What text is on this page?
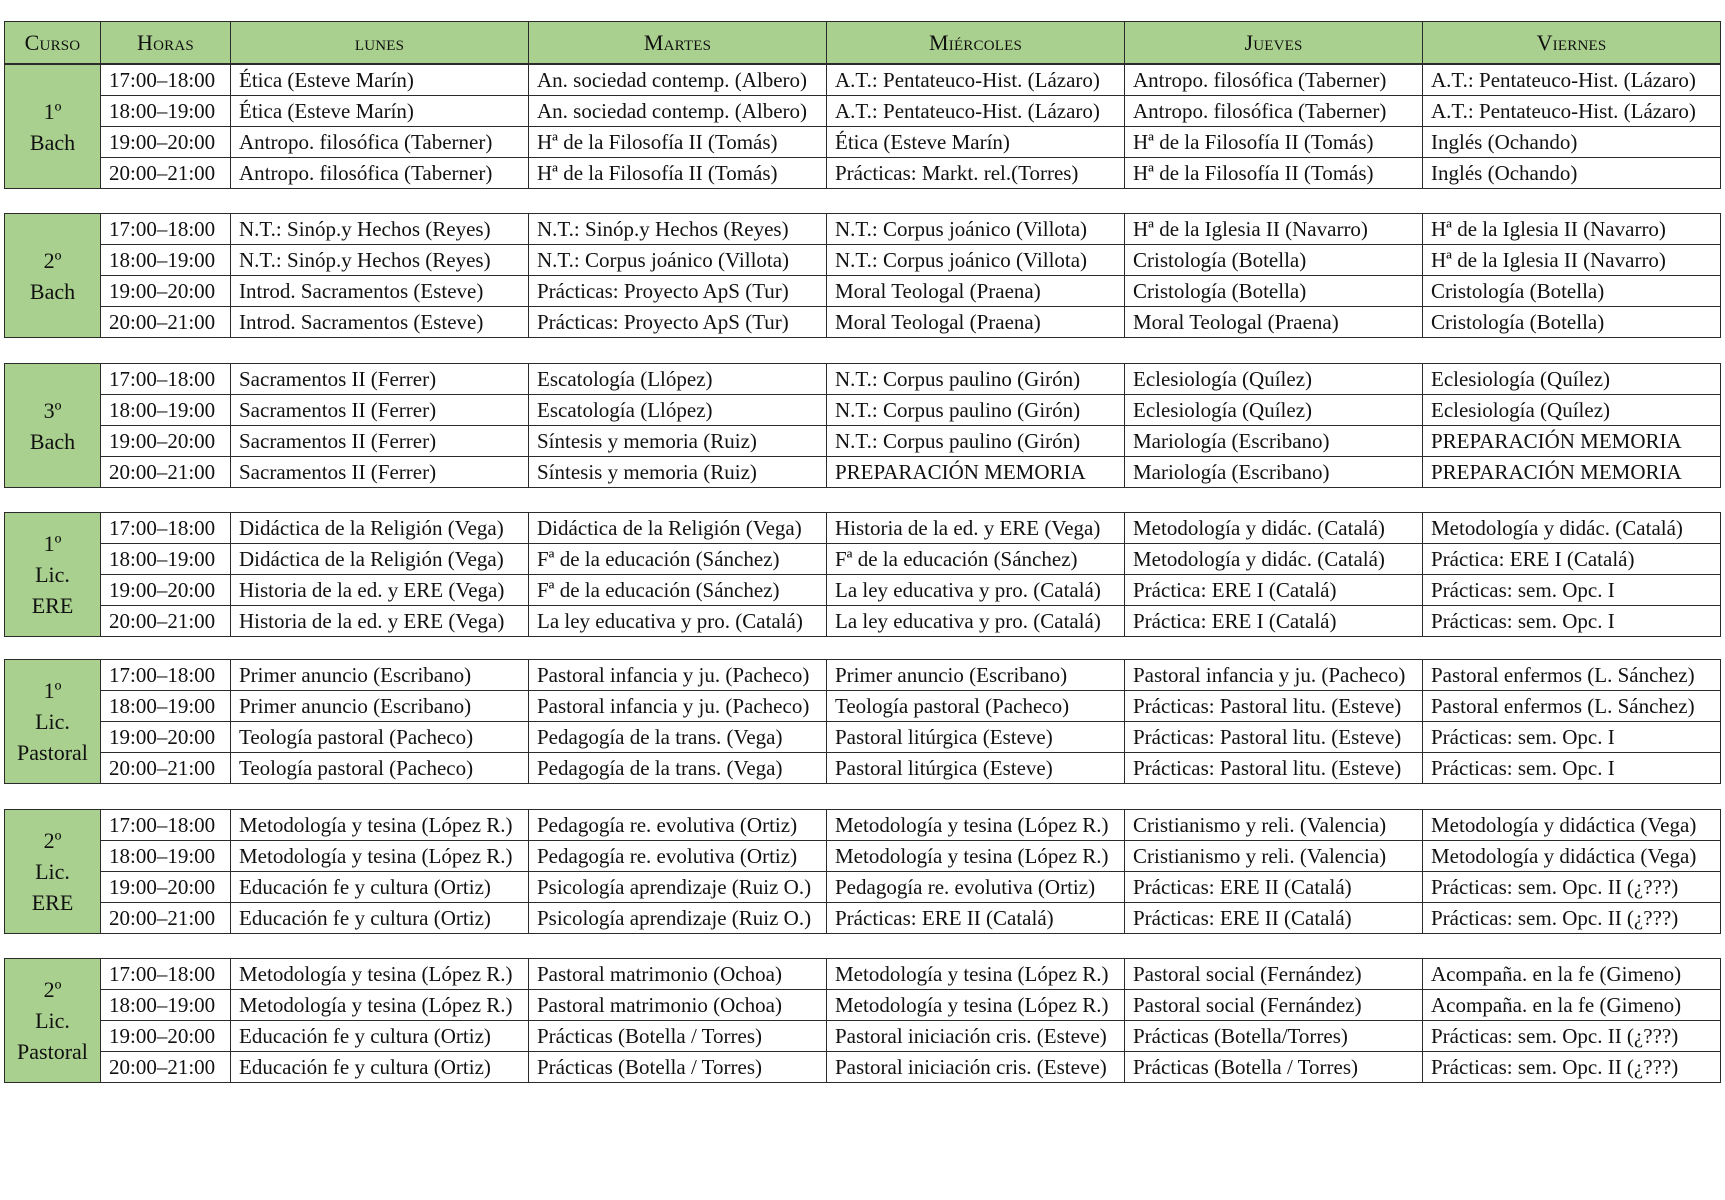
Curso	Horas	lunes	Martes	Miércoles	Jueves	Viernes
1º
Bach	17:00–18:00	Ética (Esteve Marín)	An. sociedad contemp. (Albero)	A.T.: Pentateuco-Hist. (Lázaro)	Antropo. filosófica (Taberner)	A.T.: Pentateuco-Hist. (Lázaro)
	18:00–19:00	Ética (Esteve Marín)	An. sociedad contemp. (Albero)	A.T.: Pentateuco-Hist. (Lázaro)	Antropo. filosófica (Taberner)	A.T.: Pentateuco-Hist. (Lázaro)
	19:00–20:00	Antropo. filosófica (Taberner)	Hª de la Filosofía II (Tomás)	Ética (Esteve Marín)	Hª de la Filosofía II (Tomás)	Inglés (Ochando)
	20:00–21:00	Antropo. filosófica (Taberner)	Hª de la Filosofía II (Tomás)	Prácticas: Markt. rel.(Torres)	Hª de la Filosofía II (Tomás)	Inglés (Ochando)
2º
Bach	17:00–18:00	N.T.: Sinóp.y Hechos (Reyes)	N.T.: Sinóp.y Hechos (Reyes)	N.T.: Corpus joánico (Villota)	Hª de la Iglesia II (Navarro)	Hª de la Iglesia II (Navarro)
	18:00–19:00	N.T.: Sinóp.y Hechos (Reyes)	N.T.: Corpus joánico (Villota)	N.T.: Corpus joánico (Villota)	Cristología (Botella)	Hª de la Iglesia II (Navarro)
	19:00–20:00	Introd. Sacramentos (Esteve)	Prácticas: Proyecto ApS (Tur)	Moral Teologal (Praena)	Cristología (Botella)	Cristología (Botella)
	20:00–21:00	Introd. Sacramentos (Esteve)	Prácticas: Proyecto ApS (Tur)	Moral Teologal (Praena)	Moral Teologal (Praena)	Cristología (Botella)
3º
Bach	17:00–18:00	Sacramentos II (Ferrer)	Escatología (Llópez)	N.T.: Corpus paulino (Girón)	Eclesiología (Quílez)	Eclesiología (Quílez)
	18:00–19:00	Sacramentos II (Ferrer)	Escatología (Llópez)	N.T.: Corpus paulino (Girón)	Eclesiología (Quílez)	Eclesiología (Quílez)
	19:00–20:00	Sacramentos II (Ferrer)	Síntesis y memoria (Ruiz)	N.T.: Corpus paulino (Girón)	Mariología (Escribano)	PREPARACIÓN MEMORIA
	20:00–21:00	Sacramentos II (Ferrer)	Síntesis y memoria (Ruiz)	PREPARACIÓN MEMORIA	Mariología (Escribano)	PREPARACIÓN MEMORIA
1º
Lic.
ERE	17:00–18:00	Didáctica de la Religión (Vega)	Didáctica de la Religión (Vega)	Historia de la ed. y ERE (Vega)	Metodología y didác. (Catalá)	Metodología y didác. (Catalá)
	18:00–19:00	Didáctica de la Religión (Vega)	Fª de la educación (Sánchez)	Fª de la educación (Sánchez)	Metodología y didác. (Catalá)	Práctica: ERE I (Catalá)
	19:00–20:00	Historia de la ed. y ERE (Vega)	Fª de la educación (Sánchez)	La ley educativa y pro. (Catalá)	Práctica: ERE I (Catalá)	Prácticas: sem. Opc. I
	20:00–21:00	Historia de la ed. y ERE (Vega)	La ley educativa y pro. (Catalá)	La ley educativa y pro. (Catalá)	Práctica: ERE I (Catalá)	Prácticas: sem. Opc. I
1º
Lic.
Pastoral	17:00–18:00	Primer anuncio (Escribano)	Pastoral infancia y ju. (Pacheco)	Primer anuncio (Escribano)	Pastoral infancia y ju. (Pacheco)	Pastoral enfermos (L. Sánchez)
	18:00–19:00	Primer anuncio (Escribano)	Pastoral infancia y ju. (Pacheco)	Teología pastoral (Pacheco)	Prácticas: Pastoral litu. (Esteve)	Pastoral enfermos (L. Sánchez)
	19:00–20:00	Teología pastoral (Pacheco)	Pedagogía de la trans. (Vega)	Pastoral litúrgica (Esteve)	Prácticas: Pastoral litu. (Esteve)	Prácticas: sem. Opc. I
	20:00–21:00	Teología pastoral (Pacheco)	Pedagogía de la trans. (Vega)	Pastoral litúrgica (Esteve)	Prácticas: Pastoral litu. (Esteve)	Prácticas: sem. Opc. I
2º
Lic.
ERE	17:00–18:00	Metodología y tesina (López R.)	Pedagogía re. evolutiva (Ortiz)	Metodología y tesina (López R.)	Cristianismo y reli. (Valencia)	Metodología y didáctica (Vega)
	18:00–19:00	Metodología y tesina (López R.)	Pedagogía re. evolutiva (Ortiz)	Metodología y tesina (López R.)	Cristianismo y reli. (Valencia)	Metodología y didáctica (Vega)
	19:00–20:00	Educación fe y cultura (Ortiz)	Psicología aprendizaje (Ruiz O.)	Pedagogía re. evolutiva (Ortiz)	Prácticas: ERE II (Catalá)	Prácticas: sem. Opc. II (¿???)
	20:00–21:00	Educación fe y cultura (Ortiz)	Psicología aprendizaje (Ruiz O.)	Prácticas: ERE II (Catalá)	Prácticas: ERE II (Catalá)	Prácticas: sem. Opc. II (¿???)
2º
Lic.
Pastoral	17:00–18:00	Metodología y tesina (López R.)	Pastoral matrimonio (Ochoa)	Metodología y tesina (López R.)	Pastoral social (Fernández)	Acompaña. en la fe (Gimeno)
	18:00–19:00	Metodología y tesina (López R.)	Pastoral matrimonio (Ochoa)	Metodología y tesina (López R.)	Pastoral social (Fernández)	Acompaña. en la fe (Gimeno)
	19:00–20:00	Educación fe y cultura (Ortiz)	Prácticas (Botella / Torres)	Pastoral iniciación cris. (Esteve)	Prácticas (Botella/Torres)	Prácticas: sem. Opc. II (¿???)
	20:00–21:00	Educación fe y cultura (Ortiz)	Prácticas (Botella / Torres)	Pastoral iniciación cris. (Esteve)	Prácticas (Botella / Torres)	Prácticas: sem. Opc. II (¿???)
